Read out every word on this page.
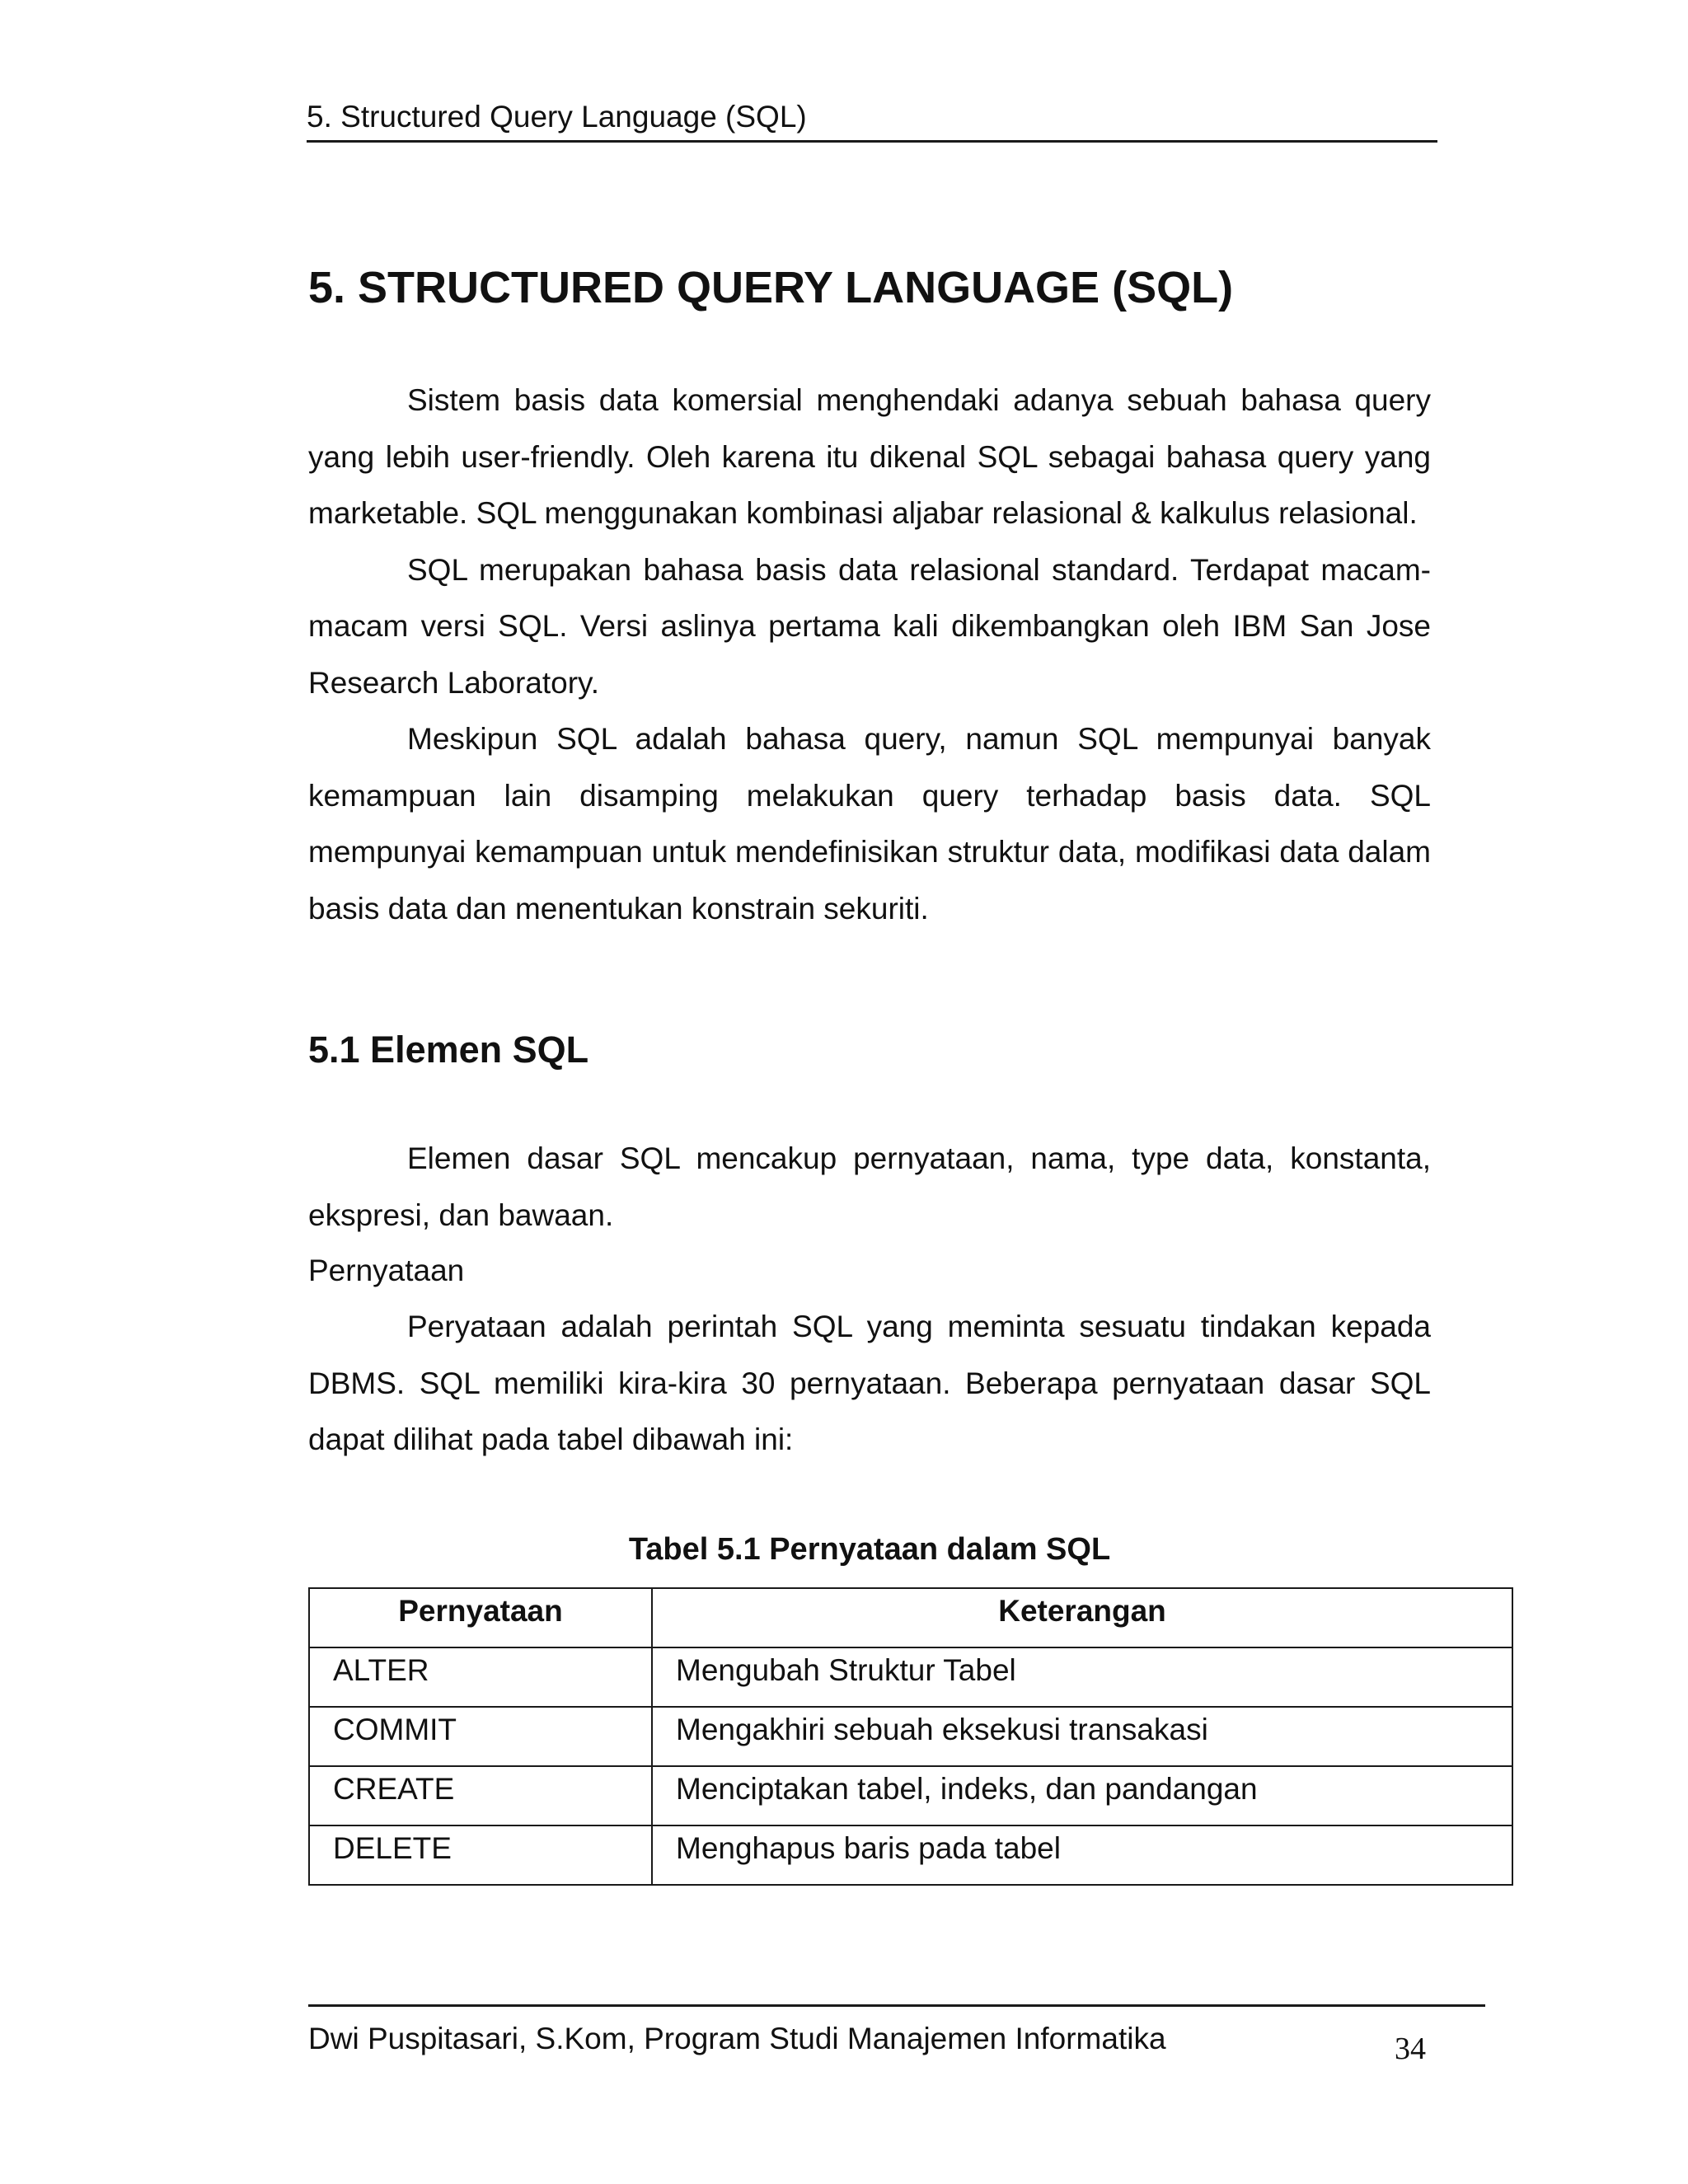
5. Structured Query Language (SQL)
5. STRUCTURED QUERY LANGUAGE (SQL)

Sistem basis data komersial menghendaki adanya sebuah bahasa query yang lebih user-friendly. Oleh karena itu dikenal SQL sebagai bahasa query yang marketable. SQL menggunakan kombinasi aljabar relasional & kalkulus relasional.

SQL merupakan bahasa basis data relasional standard. Terdapat macam-macam versi SQL. Versi aslinya pertama kali dikembangkan oleh IBM San Jose Research Laboratory.

Meskipun SQL adalah bahasa query, namun SQL mempunyai banyak kemampuan lain disamping melakukan query terhadap basis data. SQL mempunyai kemampuan untuk mendefinisikan struktur data, modifikasi data dalam basis data dan menentukan konstrain sekuriti.

5.1 Elemen SQL

Elemen dasar SQL mencakup pernyataan, nama, type data, konstanta, ekspresi, dan bawaan.

Pernyataan

Peryataan adalah perintah SQL yang meminta sesuatu tindakan kepada DBMS. SQL memiliki kira-kira 30 pernyataan. Beberapa pernyataan dasar SQL dapat dilihat pada tabel dibawah ini:

Tabel 5.1 Pernyataan dalam SQL
Pernyataan	Keterangan
ALTER	Mengubah Struktur Tabel
COMMIT	Mengakhiri sebuah eksekusi transakasi
CREATE	Menciptakan tabel, indeks, dan pandangan
DELETE	Menghapus baris pada tabel
Dwi Puspitasari, S.Kom, Program Studi Manajemen Informatika	34
